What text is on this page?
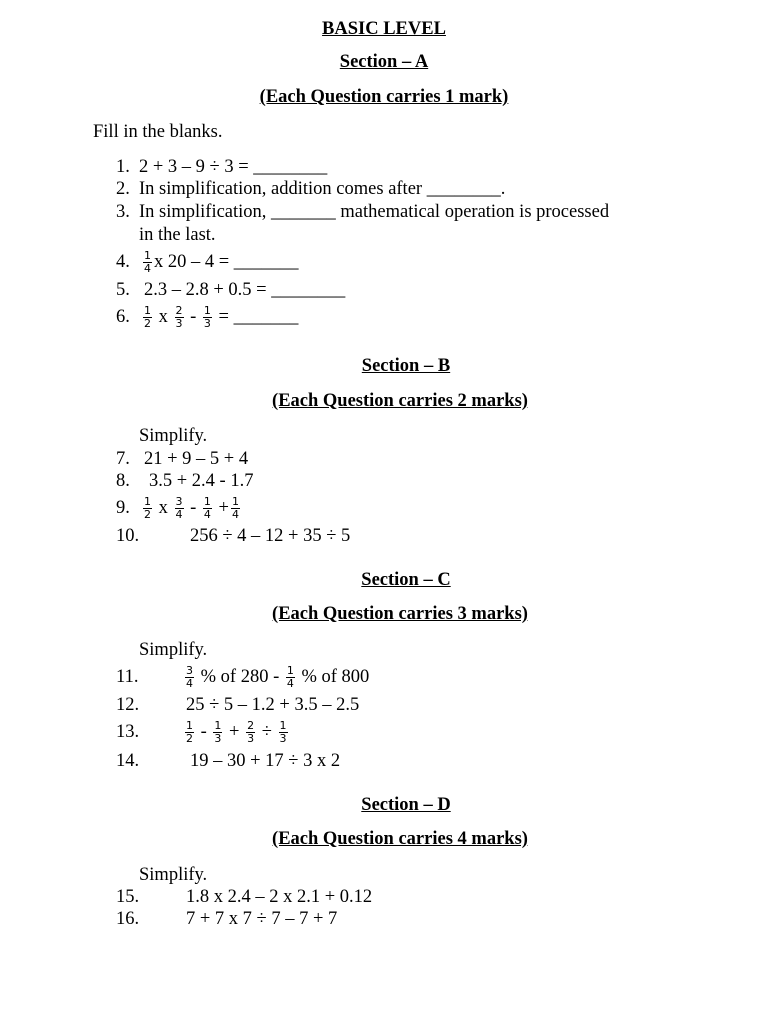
BASIC LEVEL
Section – A
(Each Question carries 1 mark)
Fill in the blanks.
1. 2 + 3 – 9 ÷ 3 = ________
2. In simplification, addition comes after ________.
3. In simplification, _______ mathematical operation is processed
in the last.
4. $\frac{1}{4}$ x 20 – 4 = _______
5. 2.3 – 2.8 + 0.5 = ________
6. $\frac{1}{2}$ x $\frac{2}{3} - \frac{1}{3}$ = _______
Section – B
(Each Question carries 2 marks)
Simplify.
7. 21 + 9 – 5 + 4
8. 3.5 + 2.4 - 1.7
9. $\frac{1}{2}$ x $\frac{3}{4} - \frac{1}{4} + \frac{1}{4}$
10.	256 ÷ 4 – 12 + 35 ÷ 5
Section – C
(Each Question carries 3 marks)
Simplify.
11.	$\frac{3}{4}$ % of $280 - \frac{1}{4}$ % of 800
12.	25 ÷ 5 – 1.2 + 3.5 – 2.5
13.	$\frac{1}{2} - \frac{1}{3} + \frac{2}{3} \div \frac{1}{3}$
14.	19 – 30 + 17 ÷ 3 x 2
Section – D
(Each Question carries 4 marks)
Simplify.
15.	1.8 x 2.4 – 2 x 2.1 + 0.12
16.	7 + 7 x 7 ÷ 7 – 7 + 7
